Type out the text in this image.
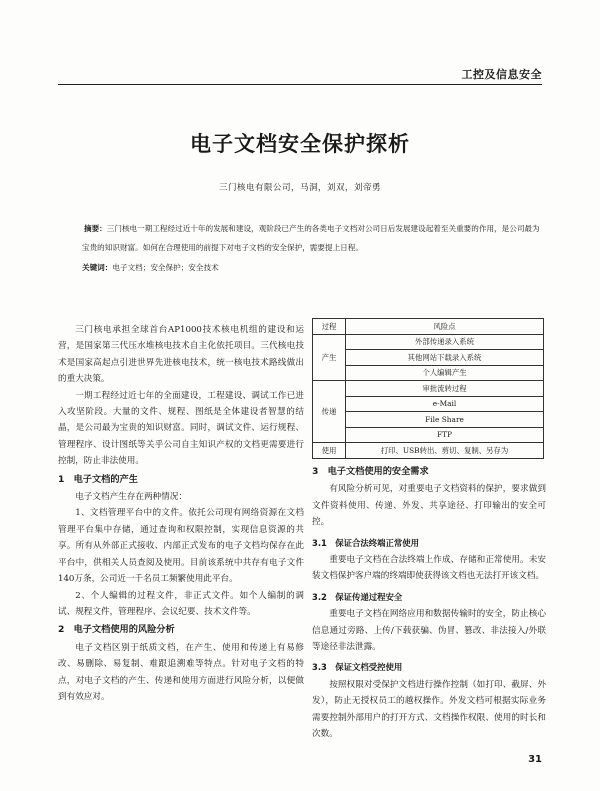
工控及信息安全
电子文档安全保护探析
三门核电有限公司，马洞，刘双，刘帝勇
摘要：三门核电一期工程经过近十年的发展和建设，观阶段已产生的各类电子文档对公司日后发展建设起着至关重要的作用，是公司最为宝贵的知识财富。如何在合理使用的前提下对电子文档的安全保护，需要提上日程。
关键词：电子文档；安全保护；安全技术

三门核电承担全球首台AP1000技术核电机组的建设和运营，是国家第三代压水堆核电技术自主化依托项目。三代核电技术是国家高起点引进世界先进核电技术，统一核电技术路线做出的重大决策。

一期工程经过近七年的全面建设，工程建设、调试工作已进入攻坚阶段。大量的文件、规程、图纸是全体建设者智慧的结晶，是公司最为宝贵的知识财富。同时，调试文件、运行规程、管理程序、设计图纸等关乎公司自主知识产权的文档更需要进行控制，防止非法使用。

1　电子文档的产生

电子文档产生存在两种情况：

1、文档管理平台中的文件。依托公司现有网络资源在文档管理平台集中存储，通过查询和权限控制，实现信息资源的共享。所有从外部正式接收、内部正式发布的电子文档均保存在此平台中，供相关人员查阅及使用。目前该系统中共存有电子文件140万条，公司近一千名员工频繁使用此平台。

2、个人编辑的过程文件，非正式文件。如个人编制的调试、规程文件，管理程序、会议纪要、技术文件等。

2　电子文档使用的风险分析

电子文档区别于纸质文档，在产生、使用和传递上有易修改、易删除、易复制、难跟追溯难等特点。针对电子文档的特点，对电子文档的产生、传递和使用方面进行风险分析，以便做到有效应对。

过程	风险点
产生	外部传递录入系统
	其他网站下载录入系统
	个人编辑产生
传递	审批流转过程
	e-Mail
	File Share
	FTP
使用	打印、USB转出、剪切、复制、另存为

3　电子文档使用的安全需求

有风险分析可见，对重要电子文档资料的保护，要求做到文件资料使用、传递、外发、共享途径、打印输出的安全可控。

3.1　保证合法终端正常使用

重要电子文档在合法终端上作成、存储和正常使用。未安装文档保护客户端的终端即使获得该文档也无法打开该文档。

3.2　保证传递过程安全

重要电子文档在网络应用和数据传输时的安全，防止核心信息通过旁路、上传/下载获骗、伪冒、篡改、非法接入/外联等途径非法泄露。

3.3　保证文档受控使用

按照权限对受保护文档进行操作控制（如打印、截屏、外发），防止无授权员工的越权操作。外发文档可根据实际业务需要控制外部用户的打开方式、文档操作权限、使用的时长和次数。

31
